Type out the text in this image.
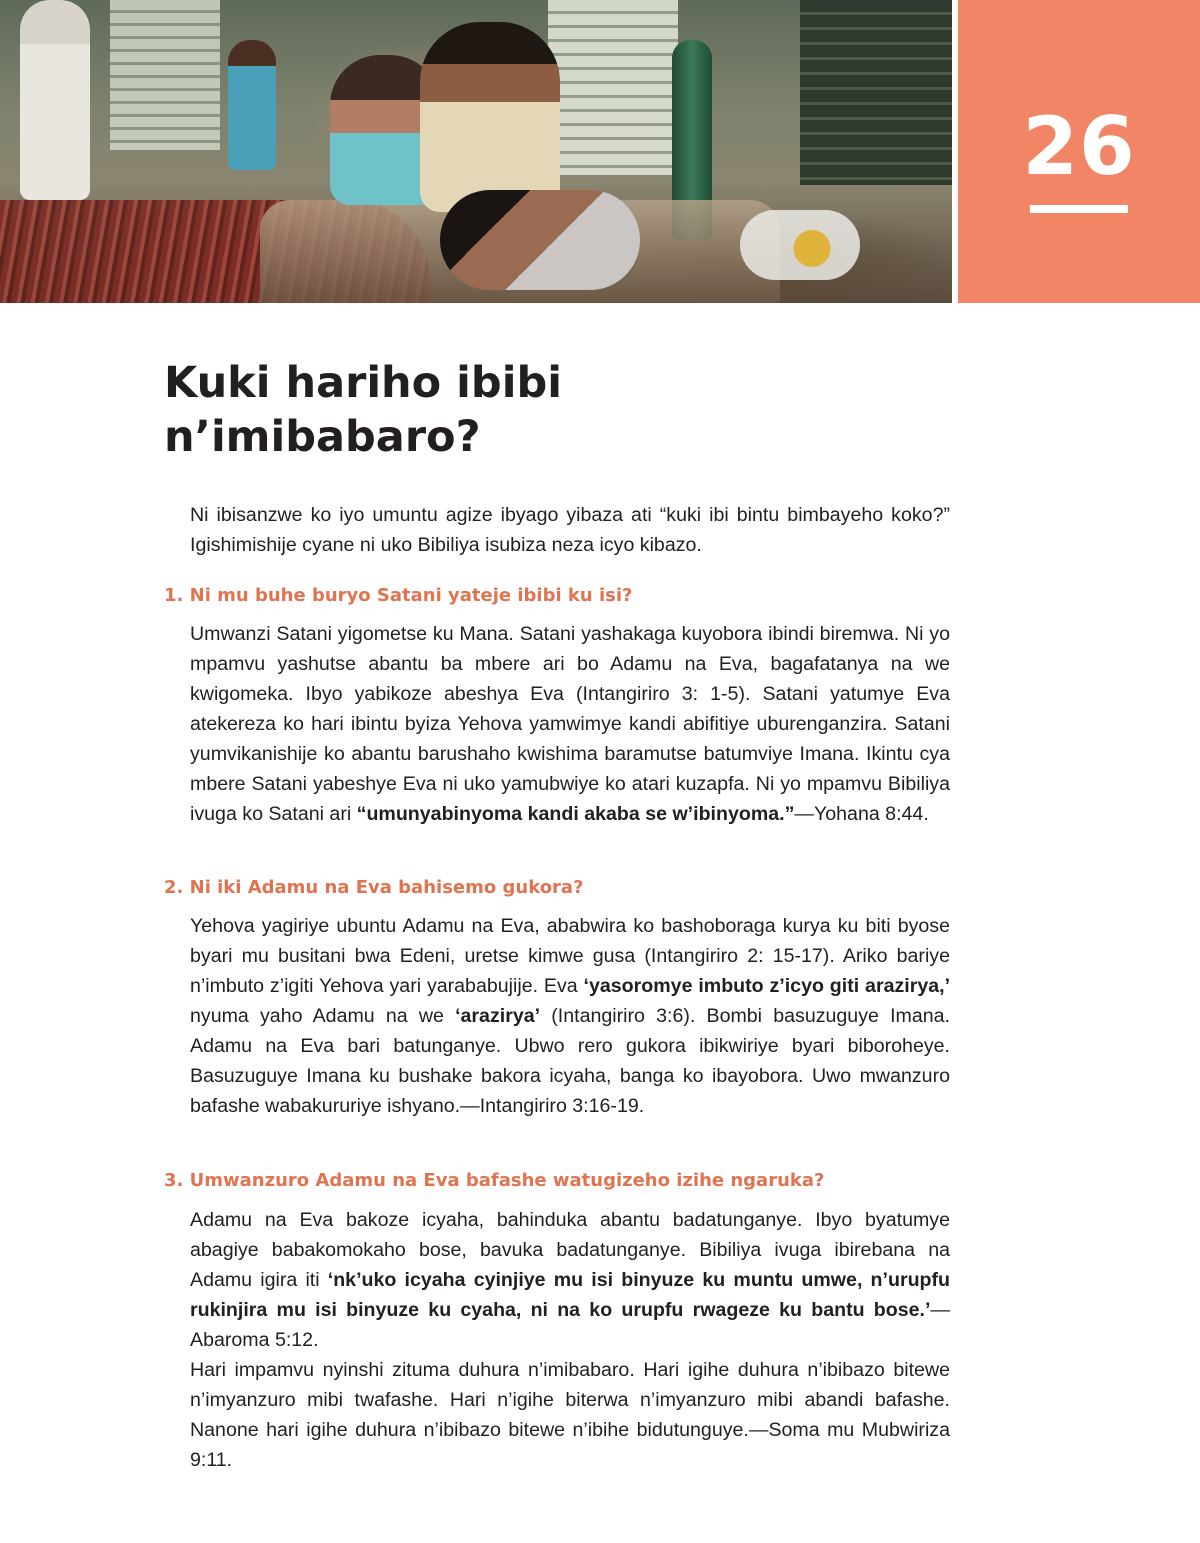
26
Kuki hariho ibibi
n’imibabaro?

Ni ibisanzwe ko iyo umuntu agize ibyago yibaza ati “kuki ibi bintu bimbayeho koko?” Igishimishije cyane ni uko Bibiliya isubiza neza icyo kibazo.

1. Ni mu buhe buryo Satani yateje ibibi ku isi?

Umwanzi Satani yigometse ku Mana. Satani yashakaga kuyobora ibindi biremwa. Ni yo mpamvu yashutse abantu ba mbere ari bo Adamu na Eva, bagafatanya na we kwigomeka. Ibyo yabikoze abeshya Eva (Intangiriro 3: 1-5). Satani yatumye Eva atekereza ko hari ibintu byiza Yehova yamwimye kandi abifitiye uburenganzira. Satani yumvikanishije ko abantu barushaho kwishima baramutse batumviye Imana. Ikintu cya mbere Satani yabeshye Eva ni uko yamubwiye ko atari kuzapfa. Ni yo mpamvu Bibiliya ivuga ko Satani ari “umunyabinyoma kandi akaba se w’ibinyoma.”—Yohana 8:44.

2. Ni iki Adamu na Eva bahisemo gukora?

Yehova yagiriye ubuntu Adamu na Eva, ababwira ko bashoboraga kurya ku biti byose byari mu busitani bwa Edeni, uretse kimwe gusa (Intangiriro 2: 15-17). Ariko bariye n’imbuto z’igiti Yehova yari yarababujije. Eva ‘yasoromye imbuto z’icyo giti arazirya,’ nyuma yaho Adamu na we ‘arazirya’ (Intangiriro 3:6). Bombi basuzuguye Imana. Adamu na Eva bari batunganye. Ubwo rero gukora ibikwiriye byari biboroheye. Basuzuguye Imana ku bushake bakora icyaha, banga ko ibayobora. Uwo mwanzuro bafashe wabakururiye ishyano.—Intangiriro 3:16-19.

3. Umwanzuro Adamu na Eva bafashe watugizeho izihe ngaruka?

Adamu na Eva bakoze icyaha, bahinduka abantu badatunganye. Ibyo byatumye abagiye babakomokaho bose, bavuka badatunganye. Bibiliya ivuga ibirebana na Adamu igira iti ‘nk’uko icyaha cyinjiye mu isi binyuze ku muntu umwe, n’urupfu rukinjira mu isi binyuze ku cyaha, ni na ko urupfu rwageze ku bantu bose.’—Abaroma 5:12.

Hari impamvu nyinshi zituma duhura n’imibabaro. Hari igihe duhura n’ibibazo bitewe n’imyanzuro mibi twafashe. Hari n’igihe biterwa n’imyanzuro mibi abandi bafashe. Nanone hari igihe duhura n’ibibazo bitewe n’ibihe bidutunguye.—Soma mu Mubwiriza 9:11.
